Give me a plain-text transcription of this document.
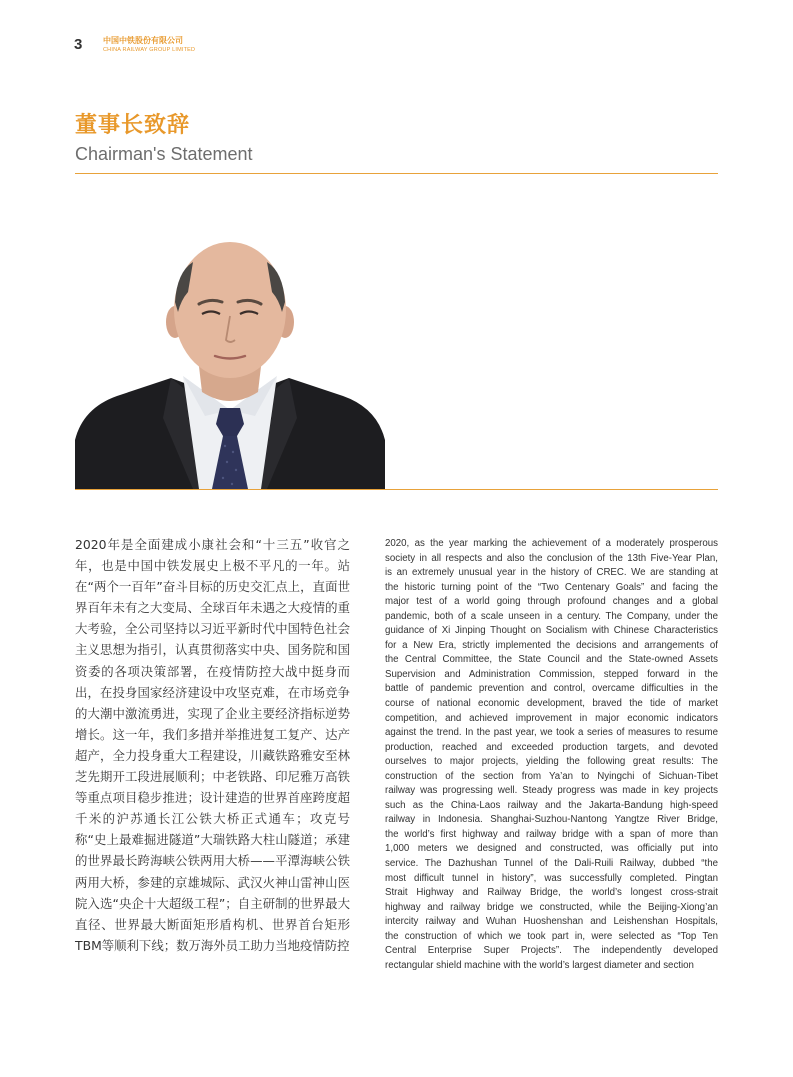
3	中国中铁股份有限公司
CHINA RAILWAY GROUP LIMITED
董事长致辞
Chairman's Statement
2020年是全面建成小康社会和“十三五”收官之年，也是中国中铁发展史上极不平凡的一年。站在“两个一百年”奋斗目标的历史交汇点上，直面世界百年未有之大变局、全球百年未遇之大疫情的重大考验，全公司坚持以习近平新时代中国特色社会主义思想为指引，认真贯彻落实中央、国务院和国资委的各项决策部署，在疫情防控大战中挺身而出，在投身国家经济建设中攻坚克难，在市场竞争的大潮中激流勇进，实现了企业主要经济指标逆势增长。这一年，我们多措并举推进复工复产、达产超产，全力投身重大工程建设，川藏铁路雅安至林芝先期开工段进展顺利；中老铁路、印尼雅万高铁等重点项目稳步推进；设计建造的世界首座跨度超千米的沪苏通长江公铁大桥正式通车；攻克号称“史上最难掘进隧道”大瑞铁路大柱山隧道；承建的世界最长跨海峡公铁两用大桥——平潭海峡公铁两用大桥，参建的京雄城际、武汉火神山雷神山医院入选“央企十大超级工程”；自主研制的世界最大直径、世界最大断面矩形盾构机、世界首台矩形TBM等顺利下线；数万海外员工助力当地疫情防控
2020, as the year marking the achievement of a moderately prosperous
society in all respects and also the conclusion of the 13th Five-Year Plan,
is an extremely unusual year in the history of CREC. We are standing at
the historic turning point of the “Two Centenary Goals” and facing the
major test of a world going through profound changes and a global
pandemic, both of a scale unseen in a century. The Company, under the
guidance of Xi Jinping Thought on Socialism with Chinese Characteristics
for a New Era, strictly implemented the decisions and arrangements of
the Central Committee, the State Council and the State-owned Assets
Supervision and Administration Commission, stepped forward in the
battle of pandemic prevention and control, overcame difficulties in the
course of national economic development, braved the tide of market
competition, and achieved improvement in major economic indicators
against the trend. In the past year, we took a series of measures to resume
production, reached and exceeded production targets, and devoted
ourselves to major projects, yielding the following great results: The
construction of the section from Ya’an to Nyingchi of Sichuan-Tibet
railway was progressing well. Steady progress was made in key projects
such as the China-Laos railway and the Jakarta-Bandung high-speed
railway in Indonesia. Shanghai-Suzhou-Nantong Yangtze River Bridge,
the world’s first highway and railway bridge with a span of more than
1,000 meters we designed and constructed, was officially put into
service. The Dazhushan Tunnel of the Dali-Ruili Railway, dubbed “the
most difficult tunnel in history”, was successfully completed. Pingtan
Strait Highway and Railway Bridge, the world’s longest cross-strait
highway and railway bridge we constructed, while the Beijing-Xiong’an
intercity railway and Wuhan Huoshenshan and Leishenshan Hospitals,
the construction of which we took part in, were selected as “Top Ten
Central Enterprise Super Projects”. The independently developed
rectangular shield machine with the world’s largest diameter and section
